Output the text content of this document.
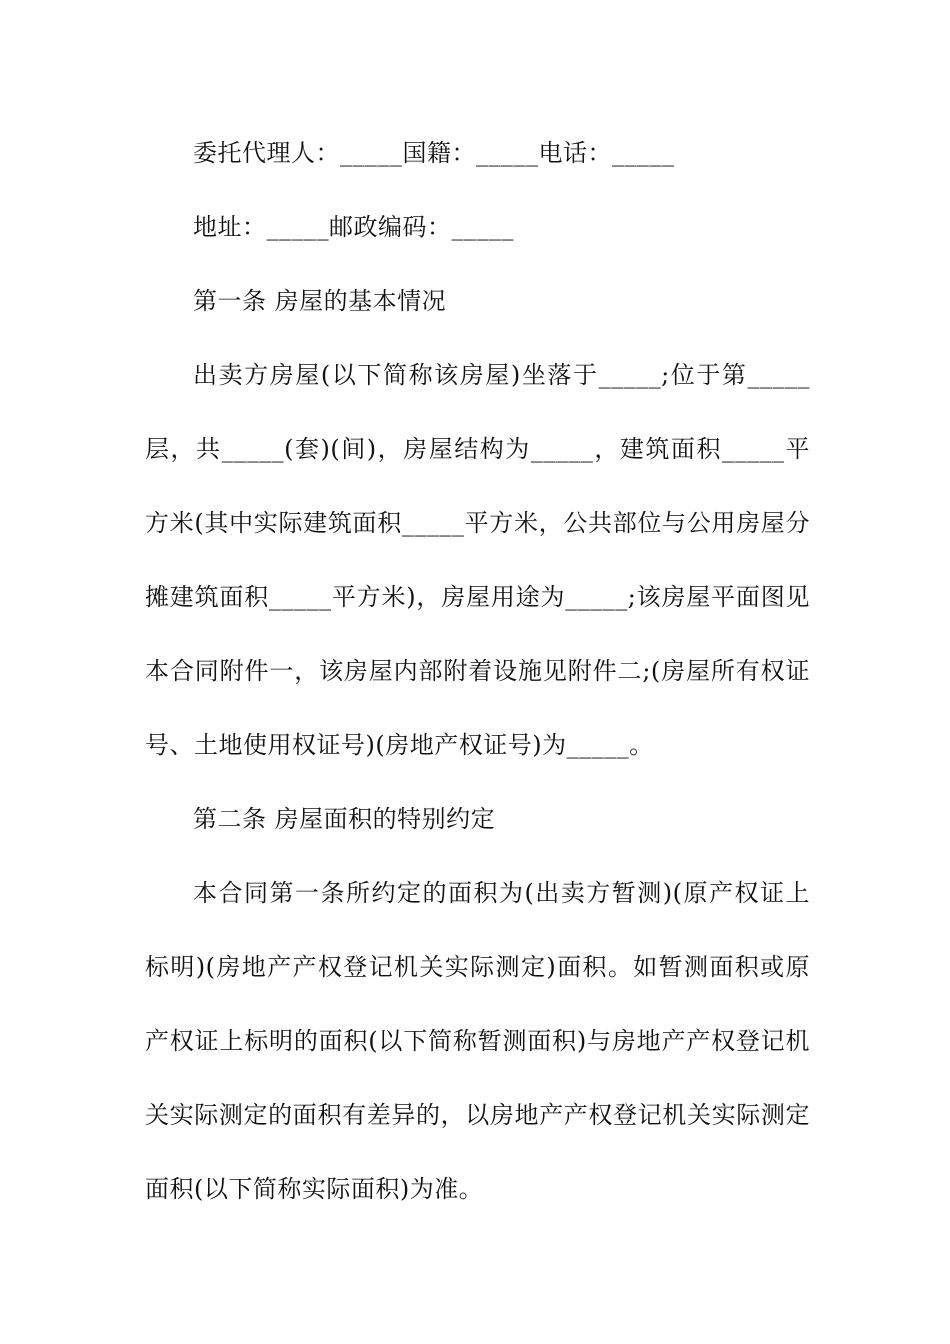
委托代理人：_____国籍：_____电话：_____

地址：_____邮政编码：_____

第一条 房屋的基本情况

出卖方房屋(以下简称该房屋)坐落于_____;位于第_____层，共_____(套)(间)，房屋结构为_____，建筑面积_____平方米(其中实际建筑面积_____平方米，公共部位与公用房屋分摊建筑面积_____平方米)，房屋用途为_____;该房屋平面图见本合同附件一，该房屋内部附着设施见附件二;(房屋所有权证号、土地使用权证号)(房地产权证号)为_____。

第二条 房屋面积的特别约定

本合同第一条所约定的面积为(出卖方暂测)(原产权证上标明)(房地产产权登记机关实际测定)面积。如暂测面积或原产权证上标明的面积(以下简称暂测面积)与房地产产权登记机关实际测定的面积有差异的，以房地产产权登记机关实际测定面积(以下简称实际面积)为准。
